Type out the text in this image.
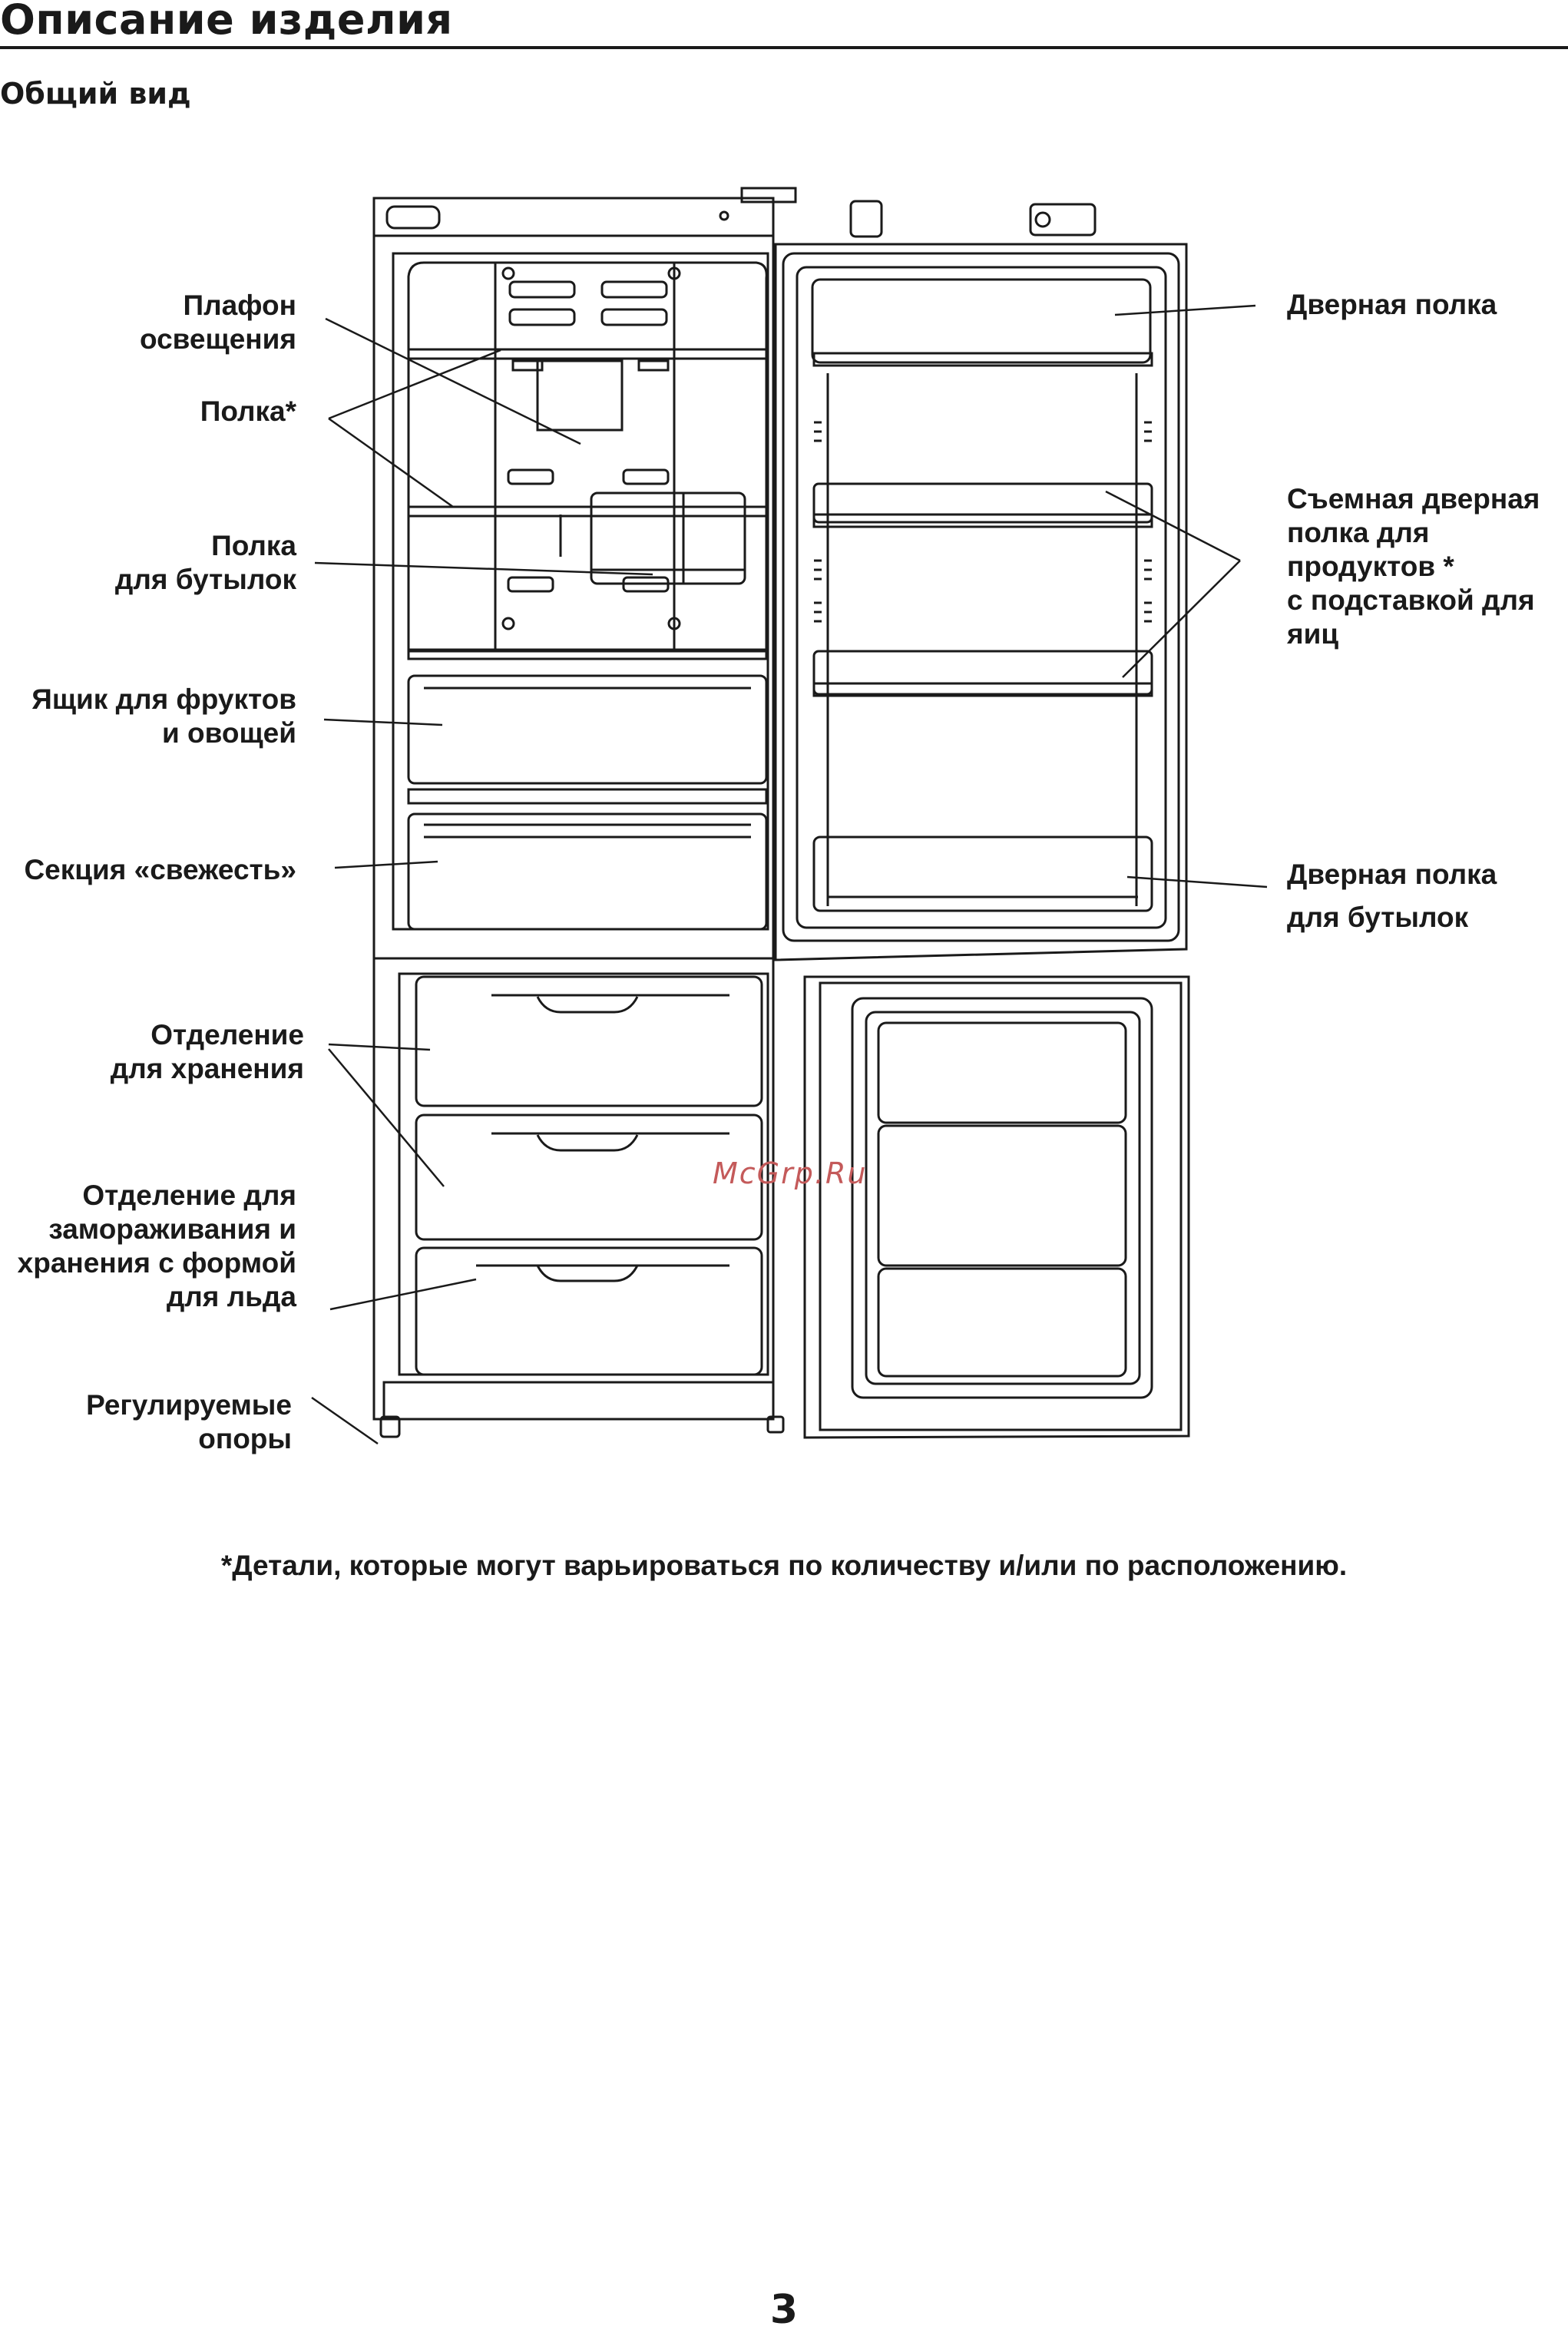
Описание изделия
Общий вид
Плафон
освещения
Полка*
Полка
для бутылок
Ящик для фруктов
и овощей
Секция «свежесть»
Отделение
для хранения
Отделение для
замораживания и
хранения с формой
для льда
Регулируемые
опоры
Дверная полка
Съемная дверная
полка для
продуктов *
с подставкой для
яиц
Дверная полка
для бутылок
McGrp.Ru
*Детали, которые могут варьироваться по количеству и/или по расположению.
3
